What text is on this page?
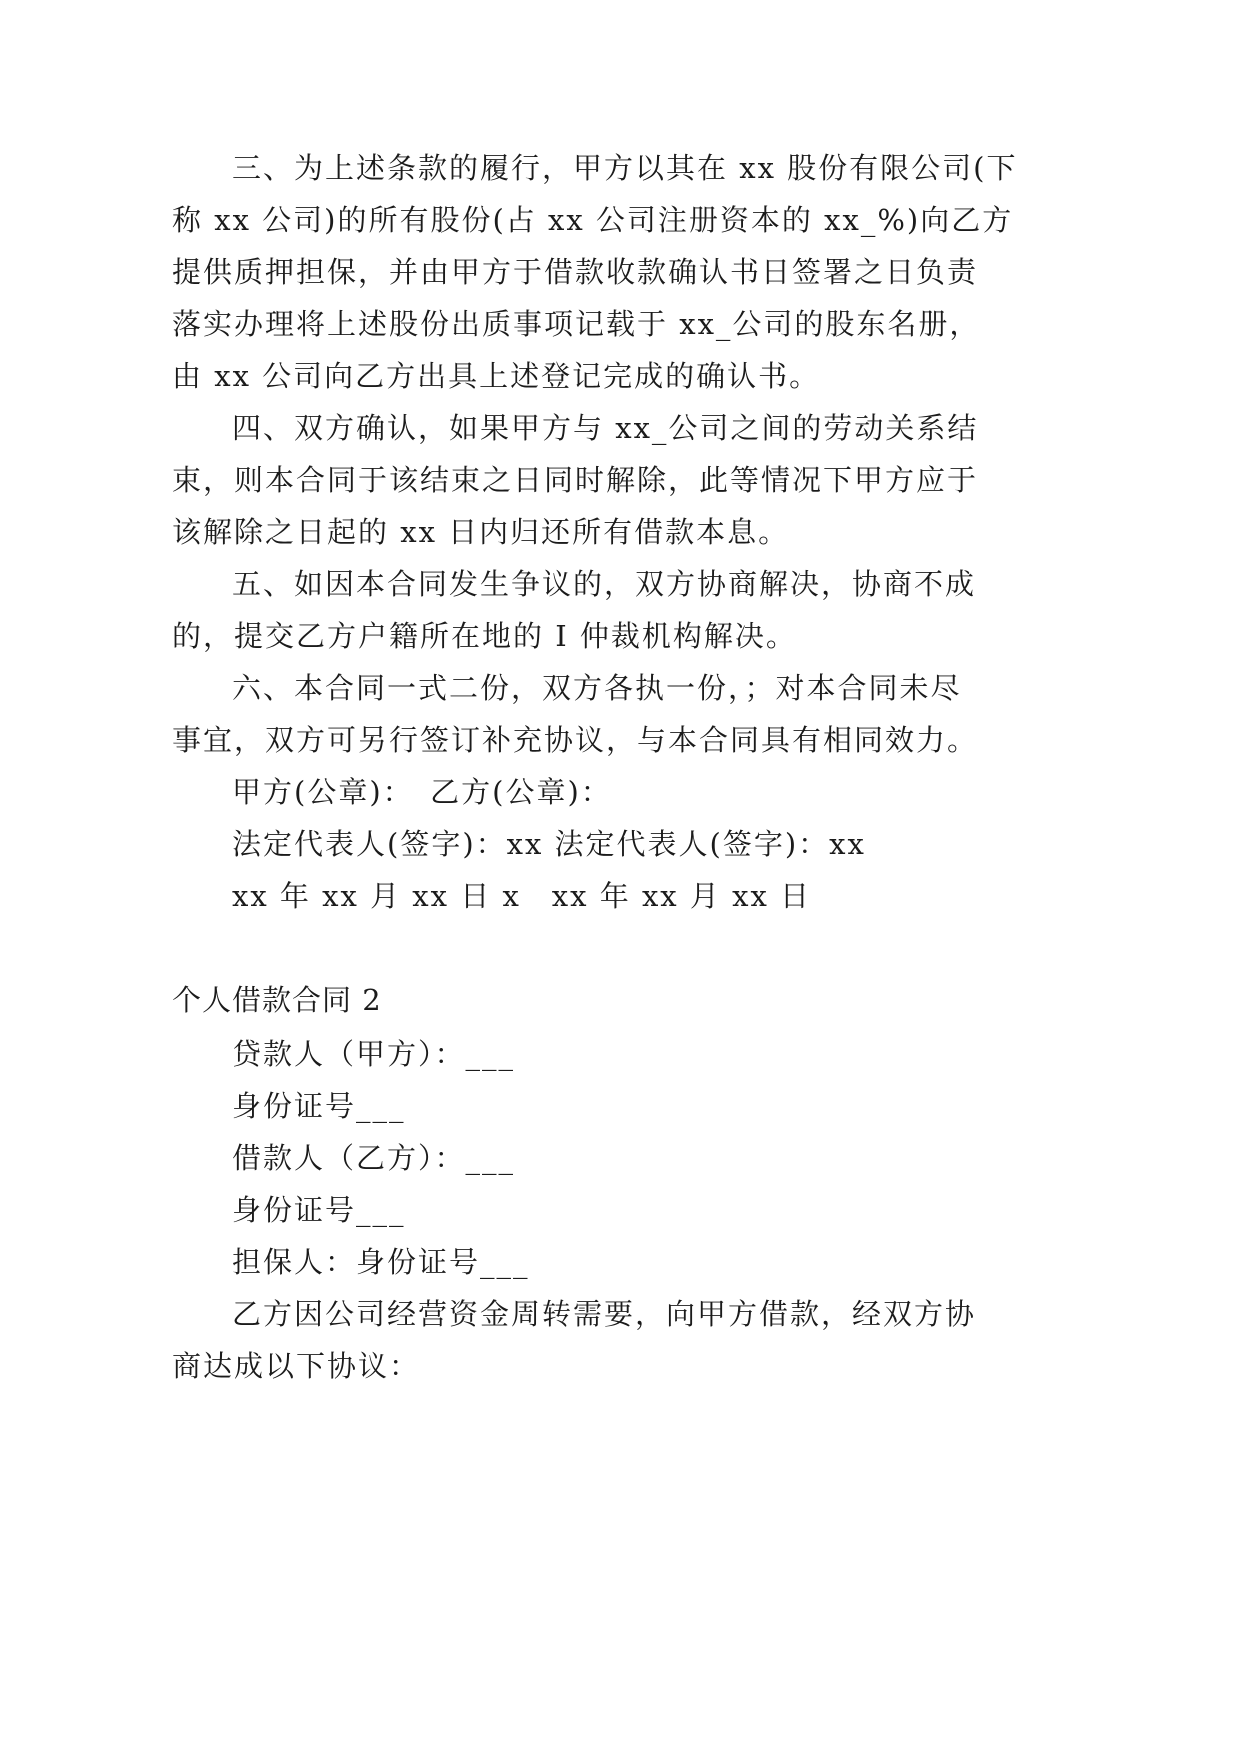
三、为上述条款的履行，甲方以其在 xx 股份有限公司(下
称 xx 公司)的所有股份(占 xx 公司注册资本的 xx_%)向乙方
提供质押担保，并由甲方于借款收款确认书日签署之日负责
落实办理将上述股份出质事项记载于 xx_公司的股东名册，
由 xx 公司向乙方出具上述登记完成的确认书。
四、双方确认，如果甲方与 xx_公司之间的劳动关系结
束，则本合同于该结束之日同时解除，此等情况下甲方应于
该解除之日起的 xx 日内归还所有借款本息。
五、如因本合同发生争议的，双方协商解决，协商不成
的，提交乙方户籍所在地的 I 仲裁机构解决。
六、本合同一式二份，双方各执一份，；对本合同未尽
事宜，双方可另行签订补充协议，与本合同具有相同效力。
甲方(公章)：　乙方(公章)：
法定代表人(签字)：xx 法定代表人(签字)：xx
xx 年 xx 月 xx 日 x　xx 年 xx 月 xx 日
个人借款合同 2
贷款人（甲方）：___
身份证号___
借款人（乙方）：___
身份证号___
担保人：身份证号___
乙方因公司经营资金周转需要，向甲方借款，经双方协
商达成以下协议：
